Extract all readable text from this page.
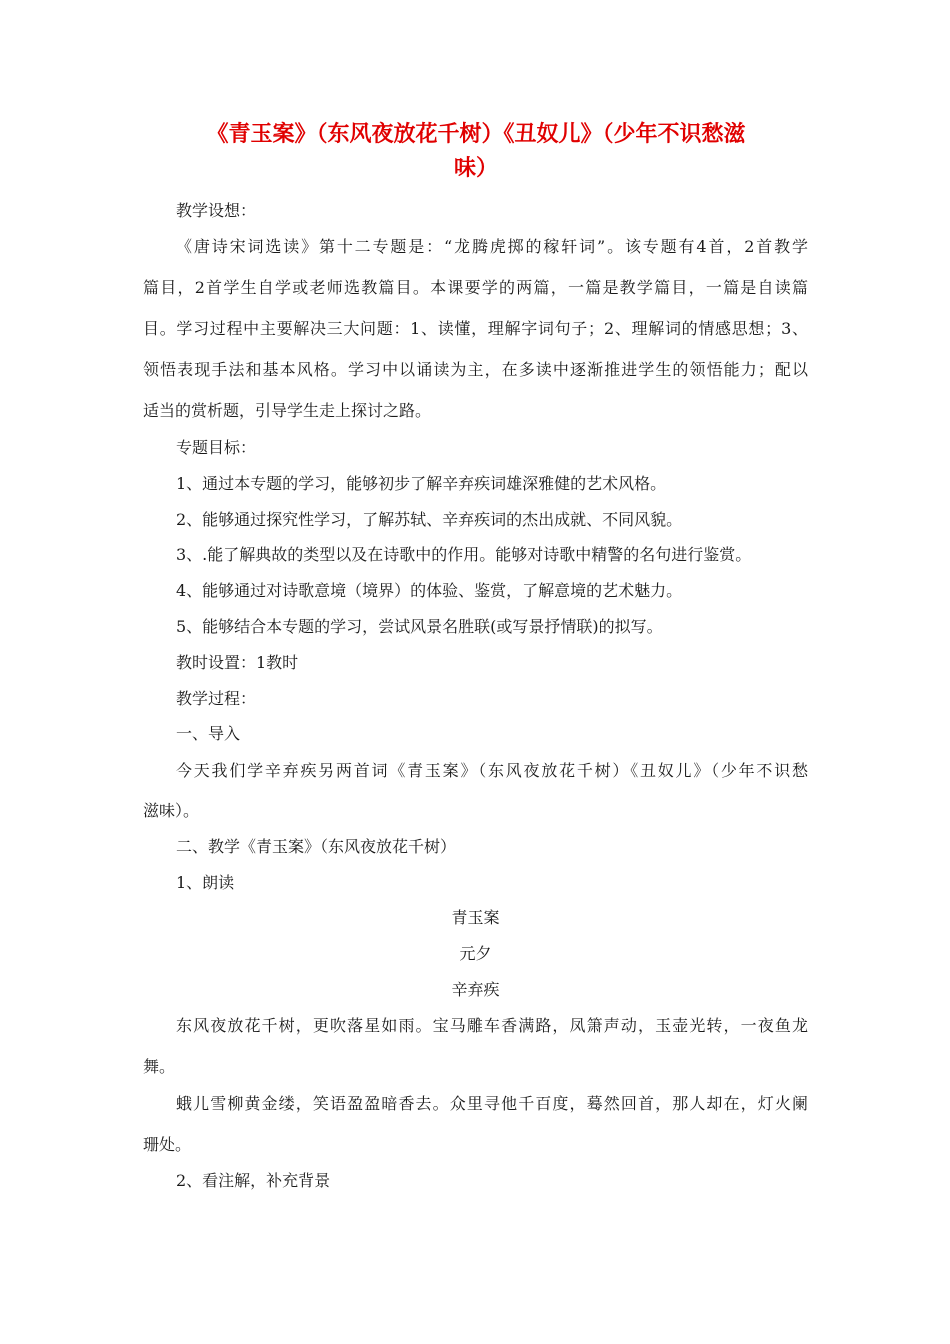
《青玉案》（东风夜放花千树）《丑奴儿》（少年不识愁滋
味）

教学设想：

《唐诗宋词选读》第十二专题是：“龙腾虎掷的稼轩词”。该专题有4首，2首教学

篇目，2首学生自学或老师选教篇目。本课要学的两篇，一篇是教学篇目，一篇是自读篇

目。学习过程中主要解决三大问题：1、读懂，理解字词句子；2、理解词的情感思想；3、

领悟表现手法和基本风格。学习中以诵读为主，在多读中逐渐推进学生的领悟能力；配以

适当的赏析题，引导学生走上探讨之路。

专题目标：

1、通过本专题的学习，能够初步了解辛弃疾词雄深雅健的艺术风格。

2、能够通过探究性学习，了解苏轼、辛弃疾词的杰出成就、不同风貌。

3、.能了解典故的类型以及在诗歌中的作用。能够对诗歌中精警的名句进行鉴赏。

4、能够通过对诗歌意境（境界）的体验、鉴赏，了解意境的艺术魅力。

5、能够结合本专题的学习，尝试风景名胜联(或写景抒情联)的拟写。

教时设置：1教时

教学过程：

一、导入

今天我们学辛弃疾另两首词《青玉案》（东风夜放花千树）《丑奴儿》（少年不识愁

滋味）。

二、教学《青玉案》（东风夜放花千树）

1、朗读

青玉案

元夕

辛弃疾

东风夜放花千树，更吹落星如雨。宝马雕车香满路，凤箫声动，玉壶光转，一夜鱼龙

舞。

蛾儿雪柳黄金缕，笑语盈盈暗香去。众里寻他千百度，蓦然回首，那人却在，灯火阑

珊处。

2、看注解，补充背景
